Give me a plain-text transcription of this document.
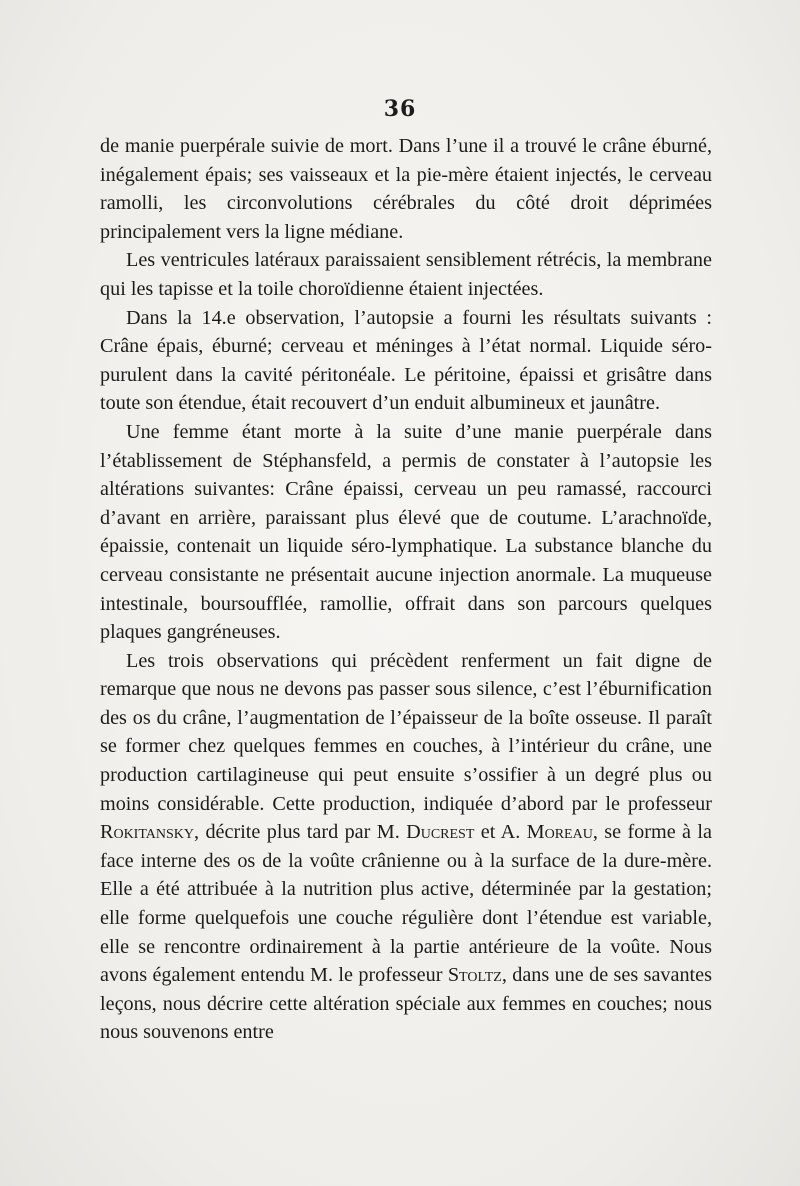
36

de manie puerpérale suivie de mort. Dans l’une il a trouvé le crâne éburné, inégalement épais; ses vaisseaux et la pie-mère étaient injectés, le cerveau ramolli, les circonvolutions cérébrales du côté droit déprimées principalement vers la ligne médiane.

Les ventricules latéraux paraissaient sensiblement rétrécis, la membrane qui les tapisse et la toile choroïdienne étaient injectées.

Dans la 14.e observation, l’autopsie a fourni les résultats suivants : Crâne épais, éburné; cerveau et méninges à l’état normal. Liquide séro-purulent dans la cavité péritonéale. Le péritoine, épaissi et grisâtre dans toute son étendue, était recouvert d’un enduit albumineux et jaunâtre.

Une femme étant morte à la suite d’une manie puerpérale dans l’établissement de Stéphansfeld, a permis de constater à l’autopsie les altérations suivantes: Crâne épaissi, cerveau un peu ramassé, raccourci d’avant en arrière, paraissant plus élevé que de coutume. L’arachnoïde, épaissie, contenait un liquide séro-lymphatique. La substance blanche du cerveau consistante ne présentait aucune injection anormale. La muqueuse intestinale, boursoufflée, ramollie, offrait dans son parcours quelques plaques gangréneuses.

Les trois observations qui précèdent renferment un fait digne de remarque que nous ne devons pas passer sous silence, c’est l’éburnification des os du crâne, l’augmentation de l’épaisseur de la boîte osseuse. Il paraît se former chez quelques femmes en couches, à l’intérieur du crâne, une production cartilagineuse qui peut ensuite s’ossifier à un degré plus ou moins considérable. Cette production, indiquée d’abord par le professeur Rokitansky, décrite plus tard par M. Ducrest et A. Moreau, se forme à la face interne des os de la voûte crânienne ou à la surface de la dure-mère. Elle a été attribuée à la nutrition plus active, déterminée par la gestation; elle forme quelquefois une couche régulière dont l’étendue est variable, elle se rencontre ordinairement à la partie antérieure de la voûte. Nous avons également entendu M. le professeur Stoltz, dans une de ses savantes leçons, nous décrire cette altération spéciale aux femmes en couches; nous nous souvenons entre
